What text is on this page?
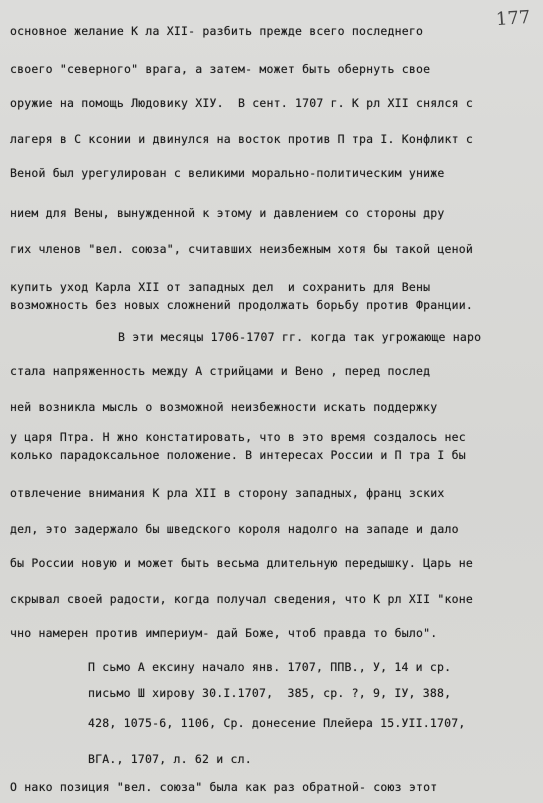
177
основное желание К ла ХII- разбить прежде всего последнего
своего "северного" врага, а затем- может быть обернуть свое
оружие на помощь Людовику ХIУ.  В сент. 1707 г. К рл ХII снялся с
лагеря в С ксонии и двинулся на восток против П тра I. Конфликт с
Веной был урегулирован с великими морально-политическим униже
нием для Вены, вынужденной к этому и давлением со стороны дру
гих членов "вел. союза", считавших неизбежным хотя бы такой ценой
купить уход Карла ХII от западных дел  и сохранить для Вены
возможность без новых сложнений продолжать борьбу против Франции.
В эти месяцы 1706-1707 гг. когда так угрожающе наро
стала напряженность между А стрийцами и Вено , перед послед
ней возникла мысль о возможной неизбежности искать поддержку
у царя Птра. Н жно констатировать, что в это время создалось нес
колько парадоксальное положение. В интересах России и П тра I бы
отвлечение внимания К рла ХII в сторону западных, франц зских
дел, это задержало бы шведского короля надолго на западе и дало
бы России новую и может быть весьма длительную передышку. Царь не
скрывал своей радости, когда получал сведения, что К рл ХII "коне
чно намерен против империум- дай Боже, чтоб правда то было".
П сьмо А ексину начало янв. 1707, ППВ., У, 14 и ср.
письмо Ш хирову 30.I.1707,  385, ср. ?, 9, IУ, 388,
428, 1075-6, 1106, Ср. донесение Плейера 15.УII.1707,
ВГА., 1707, л. 62 и сл.
О нако позиция "вел. союза" была как раз обратной- союз этот
